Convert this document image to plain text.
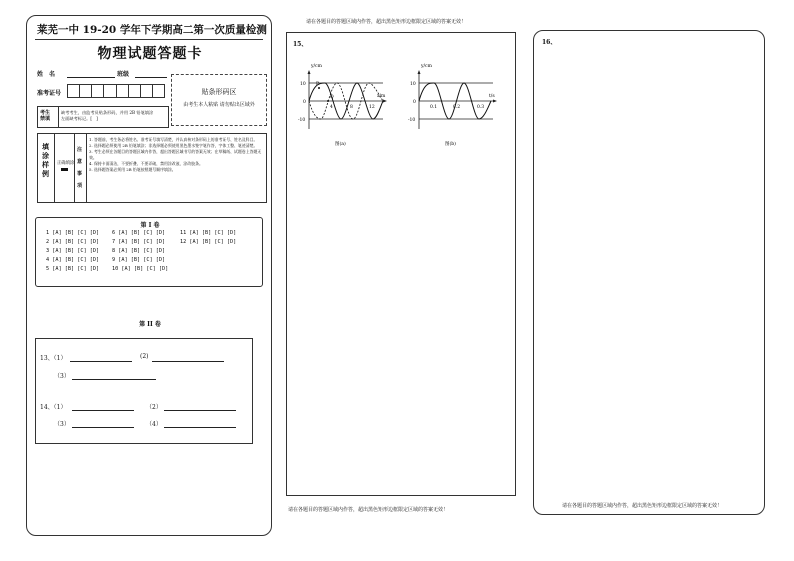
莱芜一中 19-20 学年下学期高二第一次质量检测
物理试题答题卡
姓　名	班级
准考证号	贴条形码区
由考生本人粘贴 请勿贴出区域外
考生
禁填
缺考考生，由监考员贴条形码，并用 2B 铅笔填涂
左面缺考标记。[　]
填
涂
样
例
正确填涂
注
意
事
项
1. 答题前，考生务必将姓名、准考证号填写清楚，并认真核对条形码上的准考证号、姓名及科目。
2. 选择题必须使用 2B 铅笔填涂；非选择题必须使用黑色墨水签字笔作答，字体工整、笔迹清楚。
3. 考生必须在各题目的答题区域内作答，超出答题区域书写的答案无效；在草稿纸、试题卷上答题无效。
4. 保持卡面清洁，不要折叠、不要弄破，禁用涂改液、涂改胶条。
5. 选择题答案必须用 2B 铅笔按照题号顺序填涂。
第 I 卷
1 [A] [B] [C] [D] 6 [A] [B] [C] [D]	11 [A] [B] [C] [D]
2 [A] [B] [C] [D] 7 [A] [B] [C] [D]	12 [A] [B] [C] [D]
3 [A] [B] [C] [D] 8 [A] [B] [C] [D]
4 [A] [B] [C] [D] 9 [A] [B] [C] [D]
5 [A] [B] [C] [D] 10 [A] [B] [C] [D]
第 II 卷
13、（1）	(2)
（3）
14、（1）	（2）
（3）	（4）
请在各题目的答题区域内作答，超出黑色矩形边框限定区域的答案无效！
15、
y/cm
x/m
10
0
-10
4	8	12
P
Q
图(a)
y/cm
t/s
10
0
-10
0.1	0.2	0.3
图(b)
请在各题目的答题区域内作答，超出黑色矩形边框限定区域的答案无效！
16、
请在各题目的答题区域内作答，超出黑色矩形边框限定区域的答案无效！
